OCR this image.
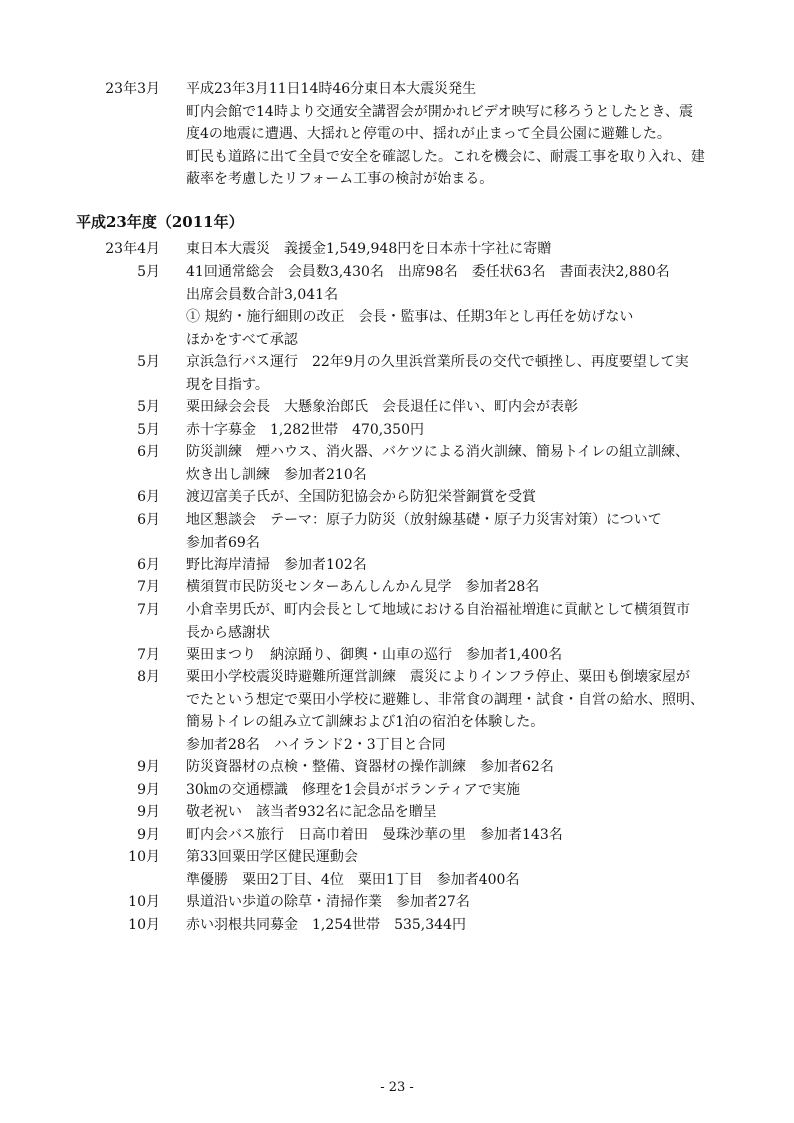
23年3月 平成23年3月11日14時46分東日本大震災発生
町内会館で14時より交通安全講習会が開かれビデオ映写に移ろうとしたとき、震
度4の地震に遭遇、大揺れと停電の中、揺れが止まって全員公園に避難した。
町民も道路に出て全員で安全を確認した。これを機会に、耐震工事を取り入れ、建
蔽率を考慮したリフォーム工事の検討が始まる。
平成23年度（2011年）
23年4月 東日本大震災　義援金1,549,948円を日本赤十字社に寄贈
5月 41回通常総会　会員数3,430名　出席98名　委任状63名　書面表決2,880名
出席会員数合計3,041名
① 規約・施行細則の改正　会長・監事は、任期3年とし再任を妨げない
ほかをすべて承認
5月 京浜急行バス運行　22年9月の久里浜営業所長の交代で頓挫し、再度要望して実
現を目指す。
5月 粟田緑会会長　大懸象治郎氏　会長退任に伴い、町内会が表彰
5月 赤十字募金　1,282世帯　470,350円
6月 防災訓練　煙ハウス、消火器、バケツによる消火訓練、簡易トイレの組立訓練、
炊き出し訓練　参加者210名
6月 渡辺富美子氏が、全国防犯協会から防犯栄誉銅賞を受賞
6月 地区懇談会　テーマ：原子力防災（放射線基礎・原子力災害対策）について
参加者69名
6月 野比海岸清掃　参加者102名
7月 横須賀市民防災センターあんしんかん見学　参加者28名
7月 小倉幸男氏が、町内会長として地域における自治福祉増進に貢献として横須賀市
長から感謝状
7月 粟田まつり　納涼踊り、御輿・山車の巡行　参加者1,400名
8月 粟田小学校震災時避難所運営訓練　震災によりインフラ停止、粟田も倒壊家屋が
でたという想定で粟田小学校に避難し、非常食の調理・試食・自営の給水、照明、
簡易トイレの組み立て訓練および1泊の宿泊を体験した。
参加者28名　ハイランド2・3丁目と合同
9月 防災資器材の点検・整備、資器材の操作訓練　参加者62名
9月 30㎞の交通標識　修理を1会員がボランティアで実施
9月 敬老祝い　該当者932名に記念品を贈呈
9月 町内会バス旅行　日高巾着田　曼珠沙華の里　参加者143名
10月 第33回粟田学区健民運動会
準優勝　粟田2丁目、4位　粟田1丁目　参加者400名
10月 県道沿い歩道の除草・清掃作業　参加者27名
10月 赤い羽根共同募金　1,254世帯　535,344円
- 23 -
